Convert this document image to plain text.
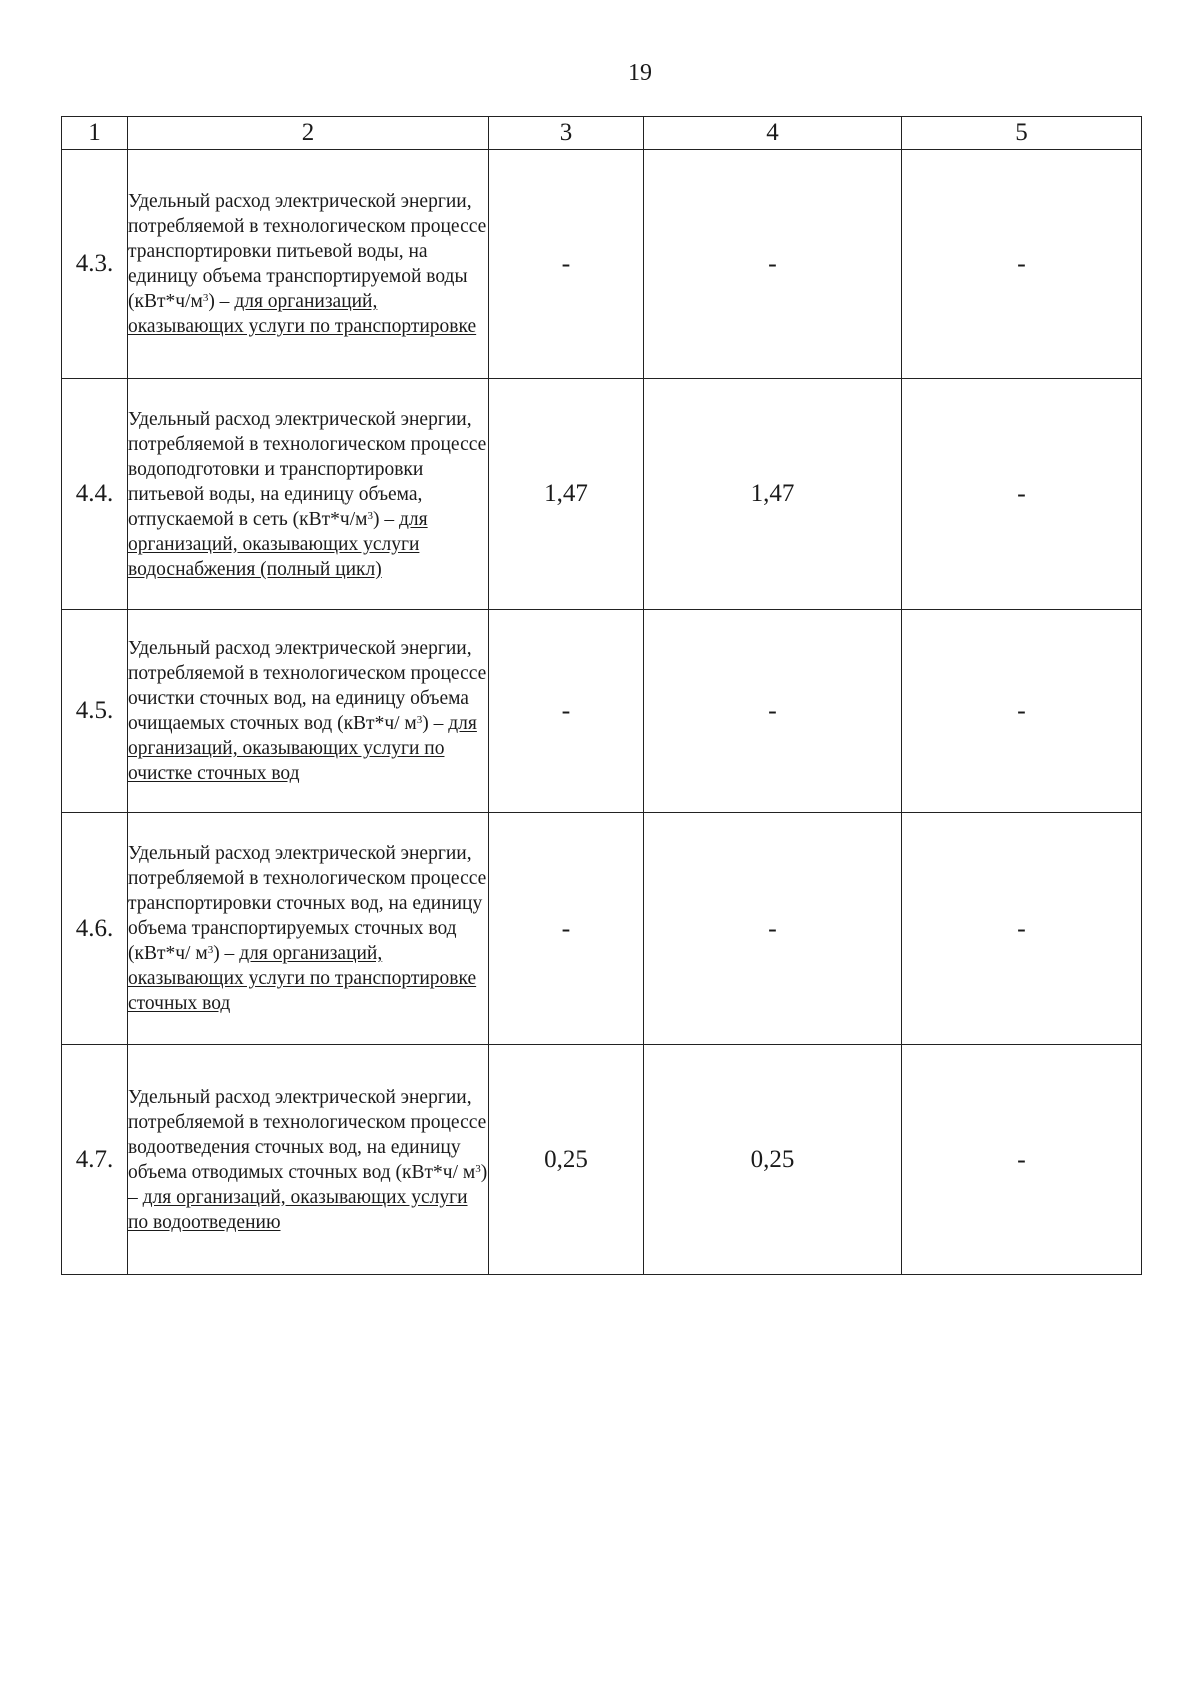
19
1	2	3	4	5
4.3.	Удельный расход электрической энергии, потребляемой в технологическом процессе транспортировки питьевой воды, на единицу объема транспортируемой воды $(кВт*ч/м^3)$ – для организаций, оказывающих услуги по транспортировке	-	-	-
4.4.	Удельный расход электрической энергии, потребляемой в технологическом процессе водоподготовки и транспортировки питьевой воды, на единицу объема, отпускаемой в сеть $(кВт*ч/м^3)$ – для организаций, оказывающих услуги водоснабжения (полный цикл)	1,47	1,47	-
4.5.	Удельный расход электрической энергии, потребляемой в технологическом процессе очистки сточных вод, на единицу объема очищаемых сточных вод (кВт*ч/ $м^3$) – для организаций, оказывающих услуги по очистке сточных вод	-	-	-
4.6.	Удельный расход электрической энергии, потребляемой в технологическом процессе транспортировки сточных вод, на единицу объема транспортируемых сточных вод (кВт*ч/ $м^3$) – для организаций, оказывающих услуги по транспортировке сточных вод	-	-	-
4.7.	Удельный расход электрической энергии, потребляемой в технологическом процессе водоотведения сточных вод, на единицу объема отводимых сточных вод (кВт*ч/ $м^3$) – для организаций, оказывающих услуги по водоотведению	0,25	0,25	-
